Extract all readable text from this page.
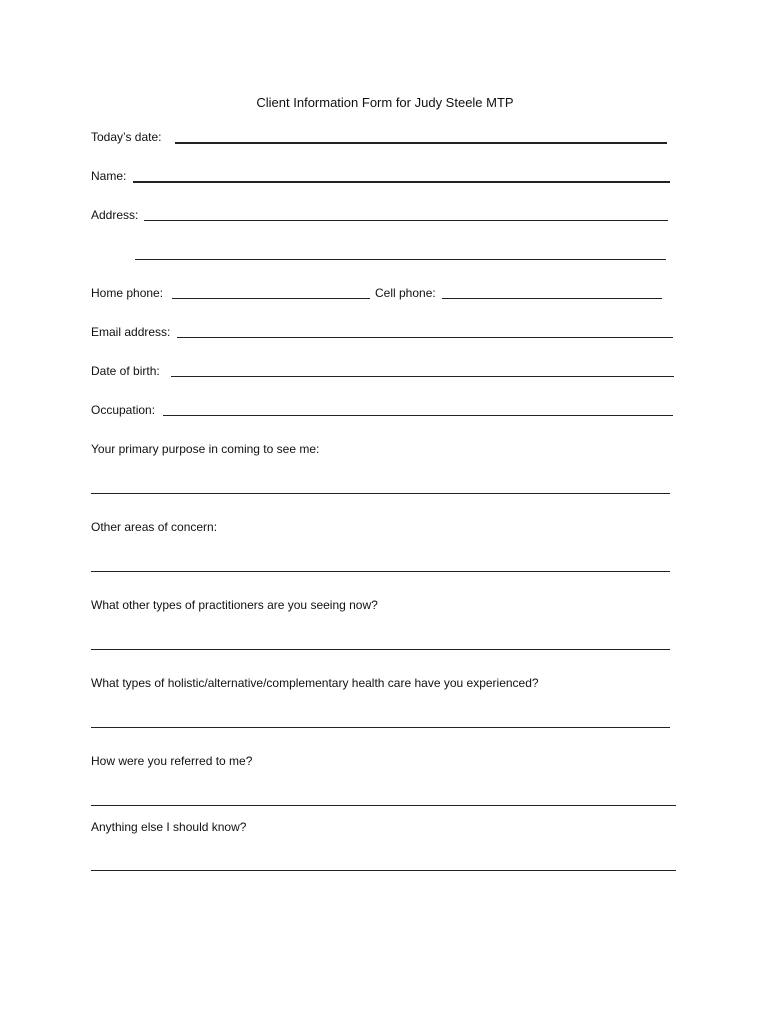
Client Information Form for Judy Steele MTP
Today’s date:
Name:
Address:
Home phone:	Cell phone:
Email address:
Date of birth:
Occupation:
Your primary purpose in coming to see me:
Other areas of concern:
What other types of practitioners are you seeing now?
What types of holistic/alternative/complementary health care have you experienced?
How were you referred to me?
Anything else I should know?
